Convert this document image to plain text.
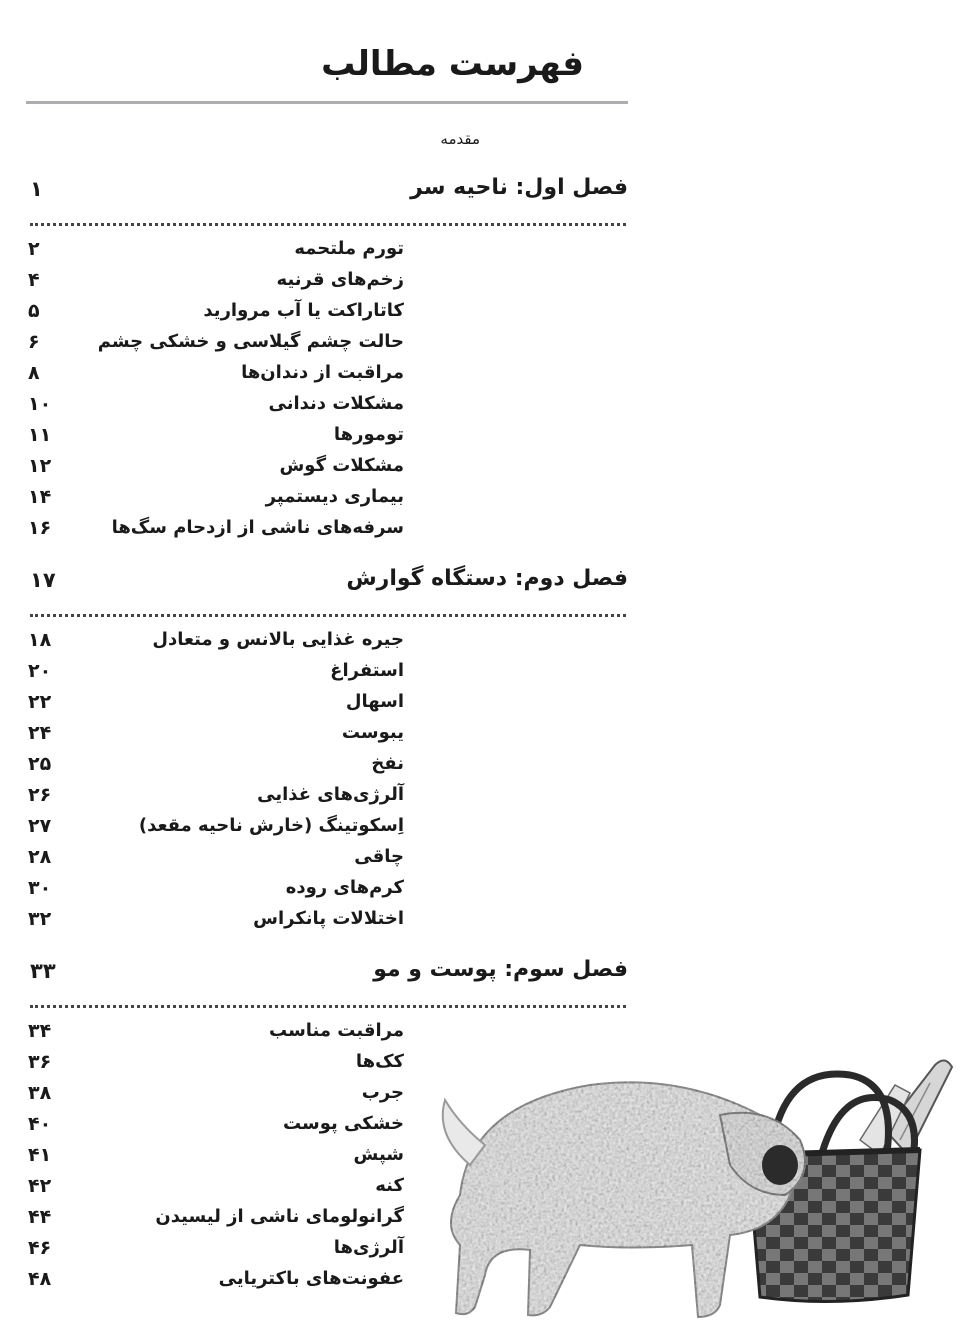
فهرست مطالب
مقدمه
فصل اول: ناحیه سر
۱
تورم ملتحمه
۲
زخم‌های قرنیه
۴
کاتاراکت یا آب مروارید
۵
حالت چشم گیلاسی و خشکی چشم
۶
مراقبت از دندان‌ها
۸
مشکلات دندانی
۱۰
تومورها
۱۱
مشکلات گوش
۱۲
بیماری دیستمپر
۱۴
سرفه‌های ناشی از ازدحام سگ‌ها
۱۶
فصل دوم: دستگاه گوارش
۱۷
جیره غذایی بالانس و متعادل
۱۸
استفراغ
۲۰
اسهال
۲۲
یبوست
۲۴
نفخ
۲۵
آلرژی‌های غذایی
۲۶
اِسکوتینگ (خارش ناحیه مقعد)
۲۷
چاقی
۲۸
کرم‌های روده
۳۰
اختلالات پانکراس
۳۲
فصل سوم: پوست و مو
۳۳
مراقبت مناسب
۳۴
کک‌ها
۳۶
جرب
۳۸
خشکی پوست
۴۰
شپش
۴۱
کنه
۴۲
گرانولومای ناشی از لیسیدن
۴۴
آلرژی‌ها
۴۶
عفونت‌های باکتریایی
۴۸
